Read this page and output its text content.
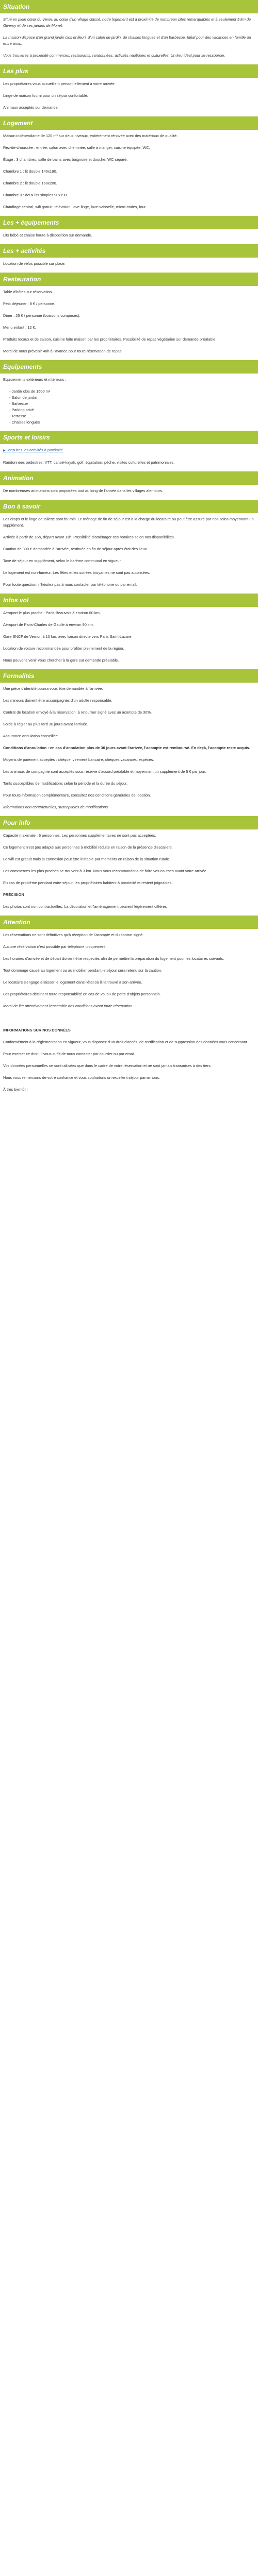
Situation

Situé en plein cœur du Vexin, au cœur d'un village classé, notre logement est à proximité de nombreux sites remarquables et à seulement 5 km de Giverny et de ses jardins de Monet.

La maison dispose d'un grand jardin clos et fleuri, d'un salon de jardin, de chaises longues et d'un barbecue. Idéal pour des vacances en famille ou entre amis.

Vous trouverez à proximité commerces, restaurants, randonnées, activités nautiques et culturelles. Un lieu idéal pour se ressourcer.

Les plus

Les propriétaires vous accueillent personnellement à votre arrivée.

Linge de maison fourni pour un séjour confortable.

Animaux acceptés sur demande.

Logement

Maison indépendante de 120 m² sur deux niveaux, entièrement rénovée avec des matériaux de qualité.

Rez-de-chaussée : entrée, salon avec cheminée, salle à manger, cuisine équipée, WC.

Étage : 3 chambres, salle de bains avec baignoire et douche, WC séparé.

Chambre 1 : lit double 140x190.

Chambre 2 : lit double 160x200.

Chambre 3 : deux lits simples 90x190.

Chauffage central, wifi gratuit, télévision, lave-linge, lave-vaisselle, micro-ondes, four.

Les + équipements

Lits bébé et chaise haute à disposition sur demande.

Les + activités

Location de vélos possible sur place.

Restauration

Table d'hôtes sur réservation.

Petit déjeuner : 8 € / personne.

Dîner : 25 € / personne (boissons comprises).

Menu enfant : 12 €.

Produits locaux et de saison, cuisine faite maison par les propriétaires. Possibilité de repas végétarien sur demande préalable.

Merci de nous prévenir 48h à l'avance pour toute réservation de repas.

Equipements

Equipements extérieurs et intérieurs :

- Jardin clos de 1500 m²
- Salon de jardin
- Barbecue
- Parking privé
- Terrasse
- Chaises longues
Sports et loisirs

▶ Consultez les activités à proximité

Randonnées pédestres, VTT, canoë-kayak, golf, équitation, pêche, visites culturelles et patrimoniales.

Animation

De nombreuses animations sont proposées tout au long de l'année dans les villages alentours.

Bon à savoir

Les draps et le linge de toilette sont fournis. Le ménage de fin de séjour est à la charge du locataire ou peut être assuré par nos soins moyennant un supplément.

Arrivée à partir de 16h, départ avant 11h. Possibilité d'aménager ces horaires selon nos disponibilités.

Caution de 300 € demandée à l'arrivée, restituée en fin de séjour après état des lieux.

Taxe de séjour en supplément, selon le barème communal en vigueur.

Le logement est non-fumeur. Les fêtes et les soirées bruyantes ne sont pas autorisées.

Pour toute question, n'hésitez pas à nous contacter par téléphone ou par email.

Infos vol

Aéroport le plus proche : Paris-Beauvais à environ 60 km.

Aéroport de Paris-Charles de Gaulle à environ 90 km.

Gare SNCF de Vernon à 10 km, avec liaison directe vers Paris Saint-Lazare.

Location de voiture recommandée pour profiter pleinement de la région.

Nous pouvons venir vous chercher à la gare sur demande préalable.

Formalités

Une pièce d'identité pourra vous être demandée à l'arrivée.

Les mineurs doivent être accompagnés d'un adulte responsable.

Contrat de location envoyé à la réservation, à retourner signé avec un acompte de 30%.

Solde à régler au plus tard 30 jours avant l'arrivée.

Assurance annulation conseillée.

Conditions d'annulation : en cas d'annulation plus de 30 jours avant l'arrivée, l'acompte est remboursé. En deçà, l'acompte reste acquis.

Moyens de paiement acceptés : chèque, virement bancaire, chèques vacances, espèces.

Les animaux de compagnie sont acceptés sous réserve d'accord préalable et moyennant un supplément de 5 € par jour.

Tarifs susceptibles de modifications selon la période et la durée du séjour.

Pour toute information complémentaire, consultez nos conditions générales de location.

Informations non contractuelles, susceptibles de modifications.

Pour info

Capacité maximale : 6 personnes. Les personnes supplémentaires ne sont pas acceptées.

Ce logement n'est pas adapté aux personnes à mobilité réduite en raison de la présence d'escaliers.

Le wifi est gratuit mais la connexion peut être instable par moments en raison de la situation rurale.

Les commerces les plus proches se trouvent à 3 km. Nous vous recommandons de faire vos courses avant votre arrivée.

En cas de problème pendant votre séjour, les propriétaires habitent à proximité et restent joignables.

PRÉCISION

Les photos sont non contractuelles. La décoration et l'aménagement peuvent légèrement différer.

Attention

Les réservations ne sont définitives qu'à réception de l'acompte et du contrat signé.

Aucune réservation n'est possible par téléphone uniquement.

Les horaires d'arrivée et de départ doivent être respectés afin de permettre la préparation du logement pour les locataires suivants.

Tout dommage causé au logement ou au mobilier pendant le séjour sera retenu sur la caution.

Le locataire s'engage à laisser le logement dans l'état où il l'a trouvé à son arrivée.

Les propriétaires déclinent toute responsabilité en cas de vol ou de perte d'objets personnels.

Merci de lire attentivement l'ensemble des conditions avant toute réservation.

INFORMATIONS SUR NOS DONNÉES

Conformément à la réglementation en vigueur, vous disposez d'un droit d'accès, de rectification et de suppression des données vous concernant.

Pour exercer ce droit, il vous suffit de nous contacter par courrier ou par email.

Vos données personnelles ne sont utilisées que dans le cadre de votre réservation et ne sont jamais transmises à des tiers.

Nous vous remercions de votre confiance et vous souhaitons un excellent séjour parmi nous.

À très bientôt !
